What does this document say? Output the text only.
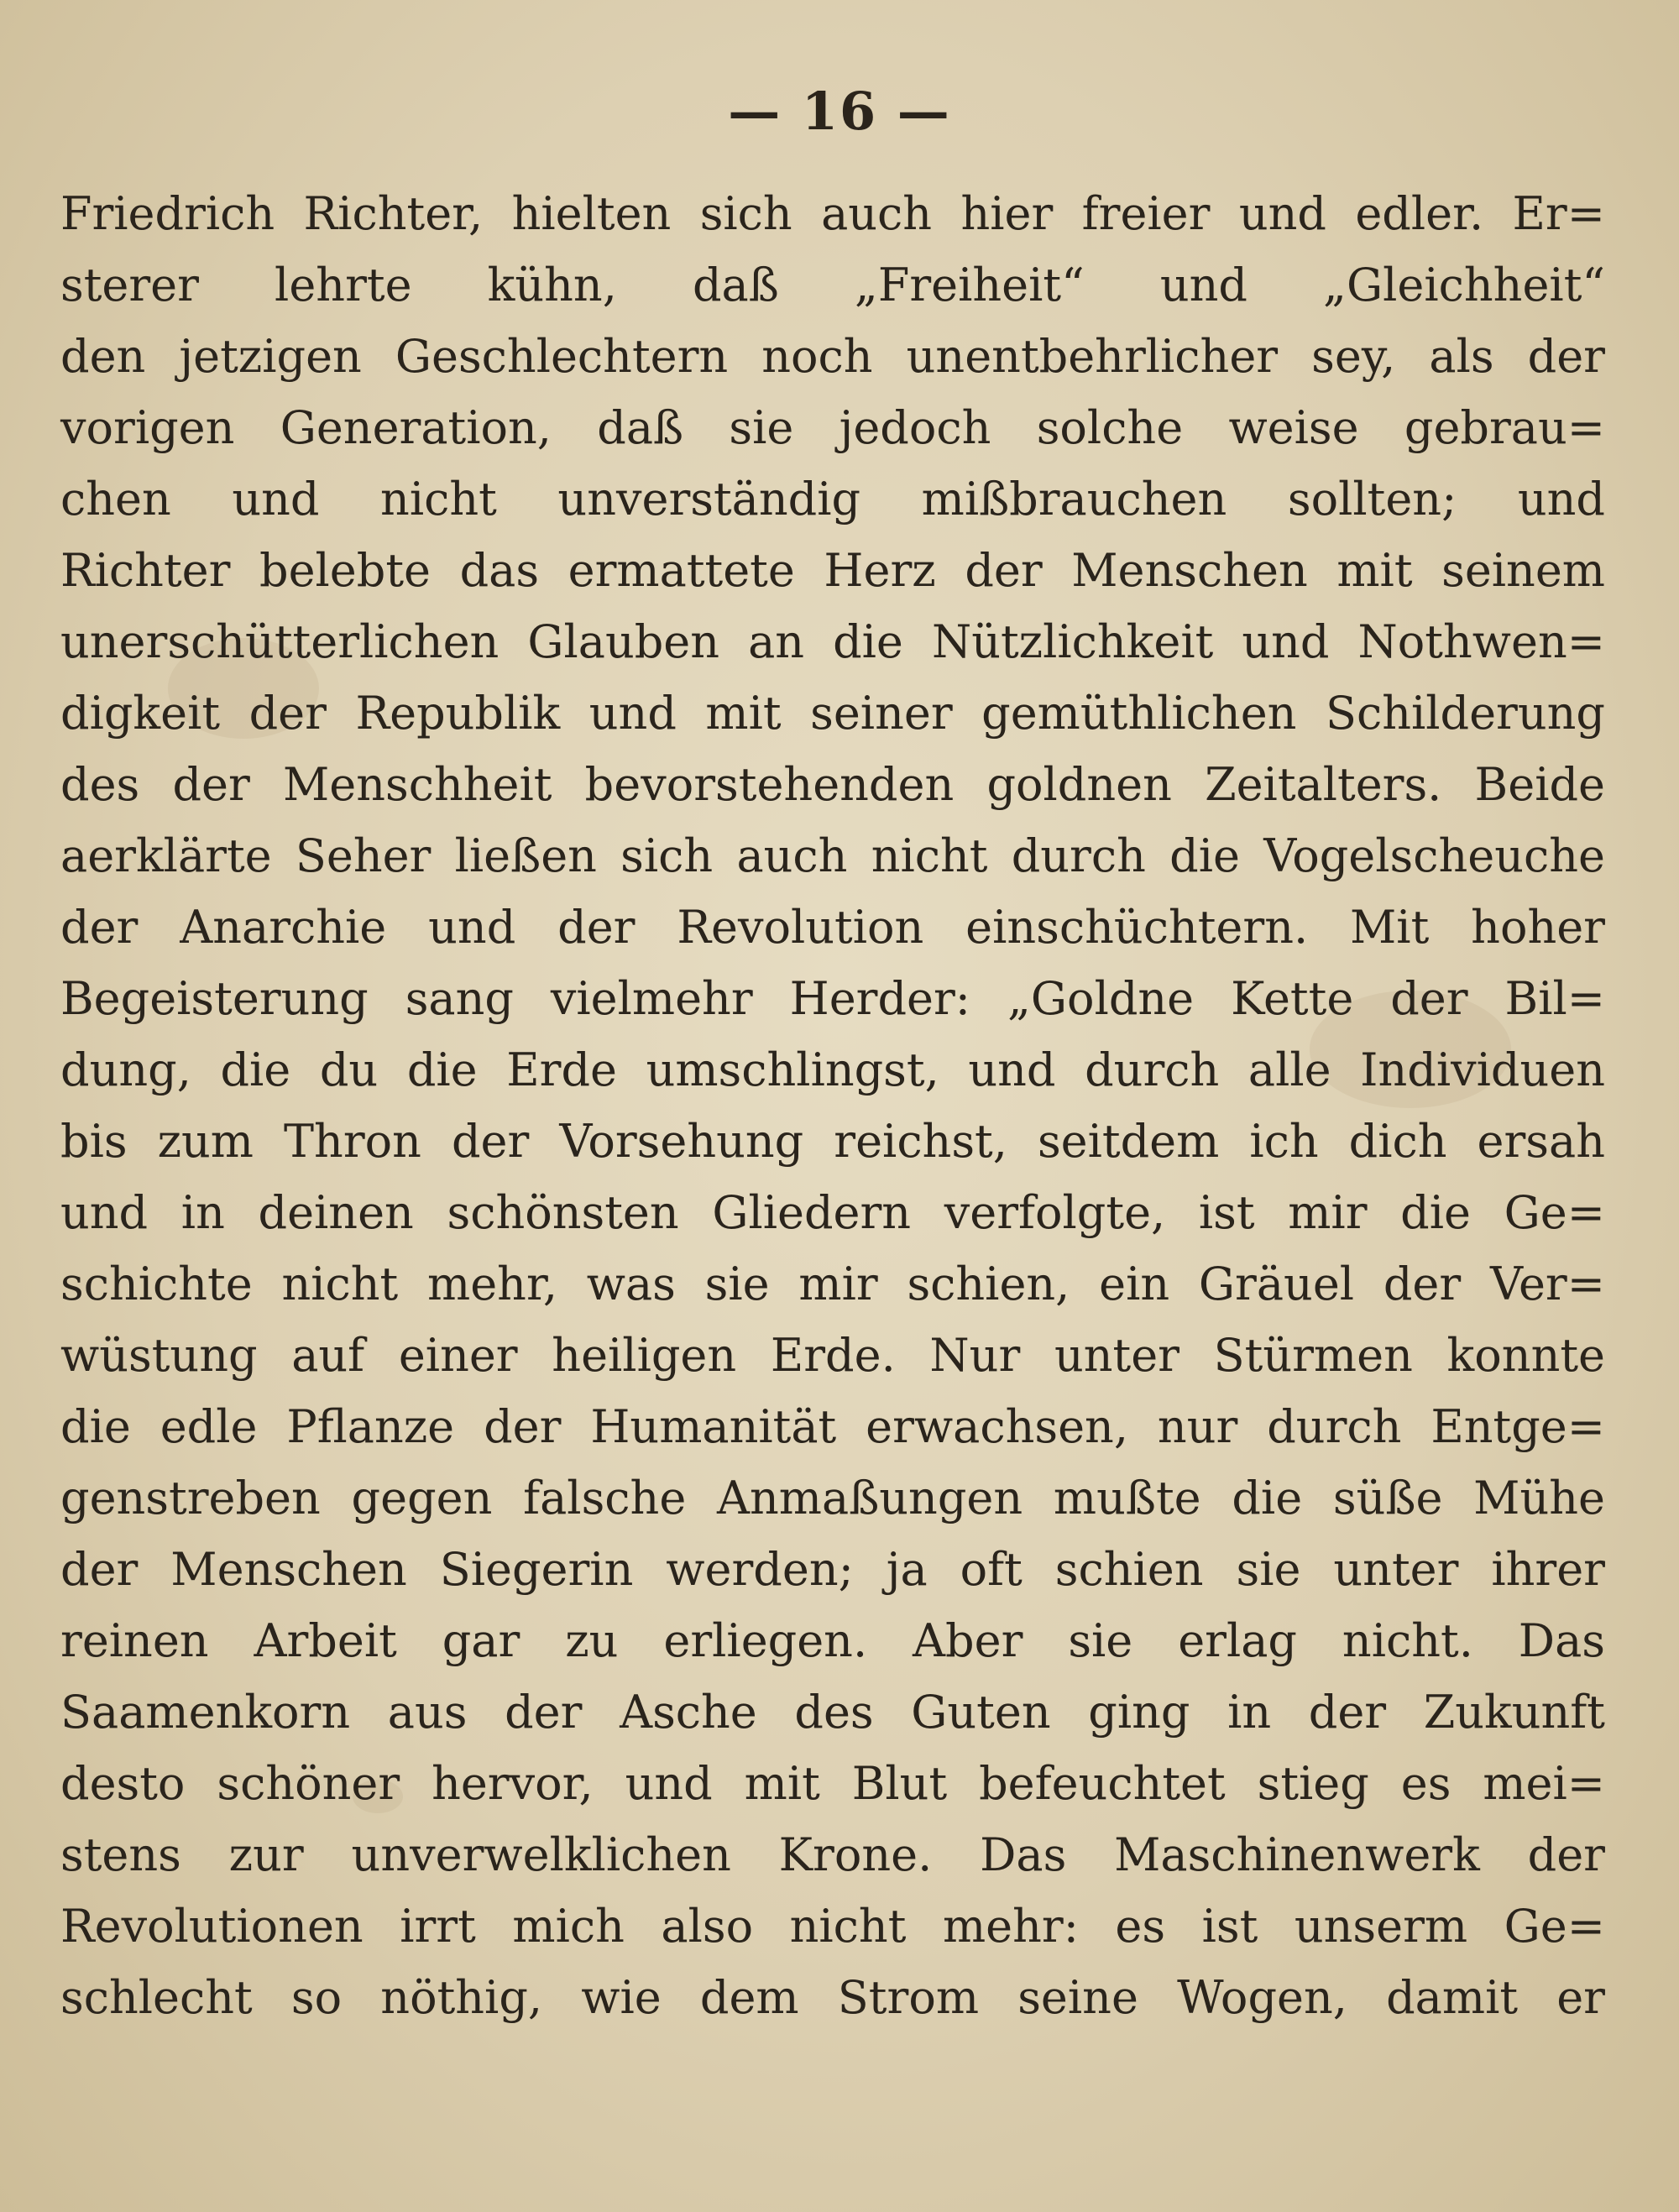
— 16 —
Friedrich Richter, hielten sich auch hier freier und edler. Er=
sterer lehrte kühn, daß „Freiheit“ und „Gleichheit“
den jetzigen Geschlechtern noch unentbehrlicher sey, als der
vorigen Generation, daß sie jedoch solche weise gebrau=
chen und nicht unverständig mißbrauchen sollten; und
Richter belebte das ermattete Herz der Menschen mit seinem
unerschütterlichen Glauben an die Nützlichkeit und Nothwen=
digkeit der Republik und mit seiner gemüthlichen Schilderung
des der Menschheit bevorstehenden goldnen Zeitalters. Beide
aerklärte Seher ließen sich auch nicht durch die Vogelscheuche
der Anarchie und der Revolution einschüchtern. Mit hoher
Begeisterung sang vielmehr Herder: „Goldne Kette der Bil=
dung, die du die Erde umschlingst, und durch alle Individuen
bis zum Thron der Vorsehung reichst, seitdem ich dich ersah
und in deinen schönsten Gliedern verfolgte, ist mir die Ge=
schichte nicht mehr, was sie mir schien, ein Gräuel der Ver=
wüstung auf einer heiligen Erde. Nur unter Stürmen konnte
die edle Pflanze der Humanität erwachsen, nur durch Entge=
genstreben gegen falsche Anmaßungen mußte die süße Mühe
der Menschen Siegerin werden; ja oft schien sie unter ihrer
reinen Arbeit gar zu erliegen. Aber sie erlag nicht. Das
Saamenkorn aus der Asche des Guten ging in der Zukunft
desto schöner hervor, und mit Blut befeuchtet stieg es mei=
stens zur unverwelklichen Krone. Das Maschinenwerk der
Revolutionen irrt mich also nicht mehr: es ist unserm Ge=
schlecht so nöthig, wie dem Strom seine Wogen, damit er
